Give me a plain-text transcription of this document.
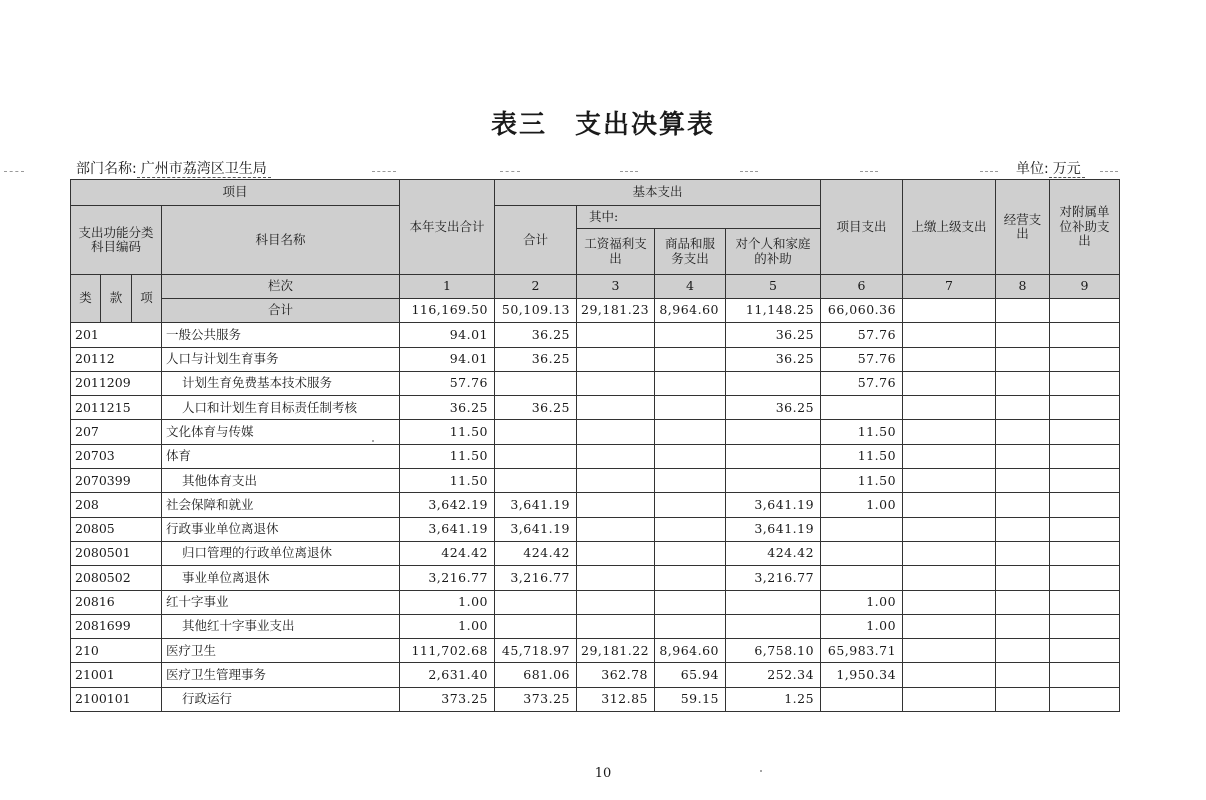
表三 支出决算表
部门名称: 广州市荔湾区卫生局	单位: 万元
项目				本年支出合计	基本支出				项目支出	上缴上级支出	经营支出	对附属单位补助支出
支出功能分类科目编码			科目名称		合计	其中:						
						工资福利支出	商品和服务支出	对个人和家庭的补助				
类	款	项	栏次	1	2	3	4	5	6	7	8	9
			合计	116,169.50	50,109.13	29,181.23	8,964.60	11,148.25	66,060.36			
201			一般公共服务	94.01	36.25			36.25	57.76			
20112			人口与计划生育事务	94.01	36.25			36.25	57.76			
2011209			计划生育免费基本技术服务	57.76					57.76			
2011215			人口和计划生育目标责任制考核	36.25	36.25			36.25				
207			文化体育与传媒	11.50					11.50			
20703			体育	11.50					11.50			
2070399			其他体育支出	11.50					11.50			
208			社会保障和就业	3,642.19	3,641.19			3,641.19	1.00			
20805			行政事业单位离退休	3,641.19	3,641.19			3,641.19				
2080501			归口管理的行政单位离退休	424.42	424.42			424.42				
2080502			事业单位离退休	3,216.77	3,216.77			3,216.77				
20816			红十字事业	1.00					1.00			
2081699			其他红十字事业支出	1.00					1.00			
210			医疗卫生	111,702.68	45,718.97	29,181.22	8,964.60	6,758.10	65,983.71			
21001			医疗卫生管理事务	2,631.40	681.06	362.78	65.94	252.34	1,950.34			
2100101			行政运行	373.25	373.25	312.85	59.15	1.25				
10
